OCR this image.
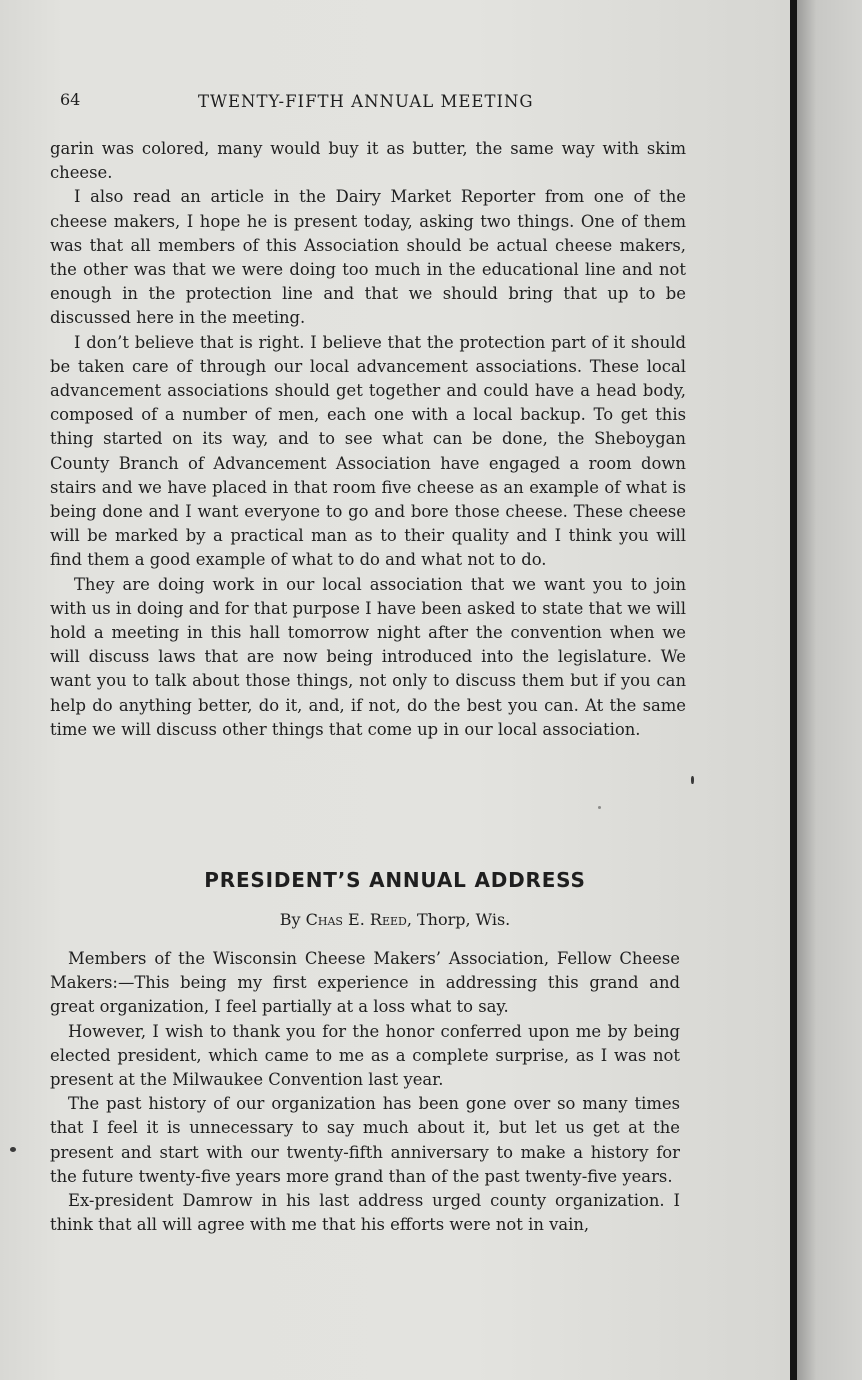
64	TWENTY-FIFTH ANNUAL MEETING

garin was colored, many would buy it as butter, the same way with skim cheese.

I also read an article in the Dairy Market Reporter from one of the cheese makers, I hope he is present today, asking two things. One of them was that all members of this Association should be actual cheese makers, the other was that we were doing too much in the educational line and not enough in the protection line and that we should bring that up to be discussed here in the meeting.

I don’t believe that is right. I believe that the protection part of it should be taken care of through our local advancement associations. These local advancement associations should get together and could have a head body, composed of a number of men, each one with a local backup. To get this thing started on its way, and to see what can be done, the Sheboygan County Branch of Advancement Association have engaged a room down stairs and we have placed in that room five cheese as an example of what is being done and I want everyone to go and bore those cheese. These cheese will be marked by a practical man as to their quality and I think you will find them a good example of what to do and what not to do.

They are doing work in our local association that we want you to join with us in doing and for that purpose I have been asked to state that we will hold a meeting in this hall tomorrow night after the convention when we will discuss laws that are now being introduced into the legislature. We want you to talk about those things, not only to discuss them but if you can help do anything better, do it, and, if not, do the best you can. At the same time we will discuss other things that come up in our local association.

PRESIDENT’S ANNUAL ADDRESS
By Chas E. Reed, Thorp, Wis.

Members of the Wisconsin Cheese Makers’ Association, Fellow Cheese Makers:—This being my first experience in addressing this grand and great organization, I feel partially at a loss what to say.

However, I wish to thank you for the honor conferred upon me by being elected president, which came to me as a complete surprise, as I was not present at the Milwaukee Convention last year.

The past history of our organization has been gone over so many times that I feel it is unnecessary to say much about it, but let us get at the present and start with our twenty-fifth anniversary to make a history for the future twenty-five years more grand than of the past twenty-five years.

Ex-president Damrow in his last address urged county organization. I think that all will agree with me that his efforts were not in vain,
